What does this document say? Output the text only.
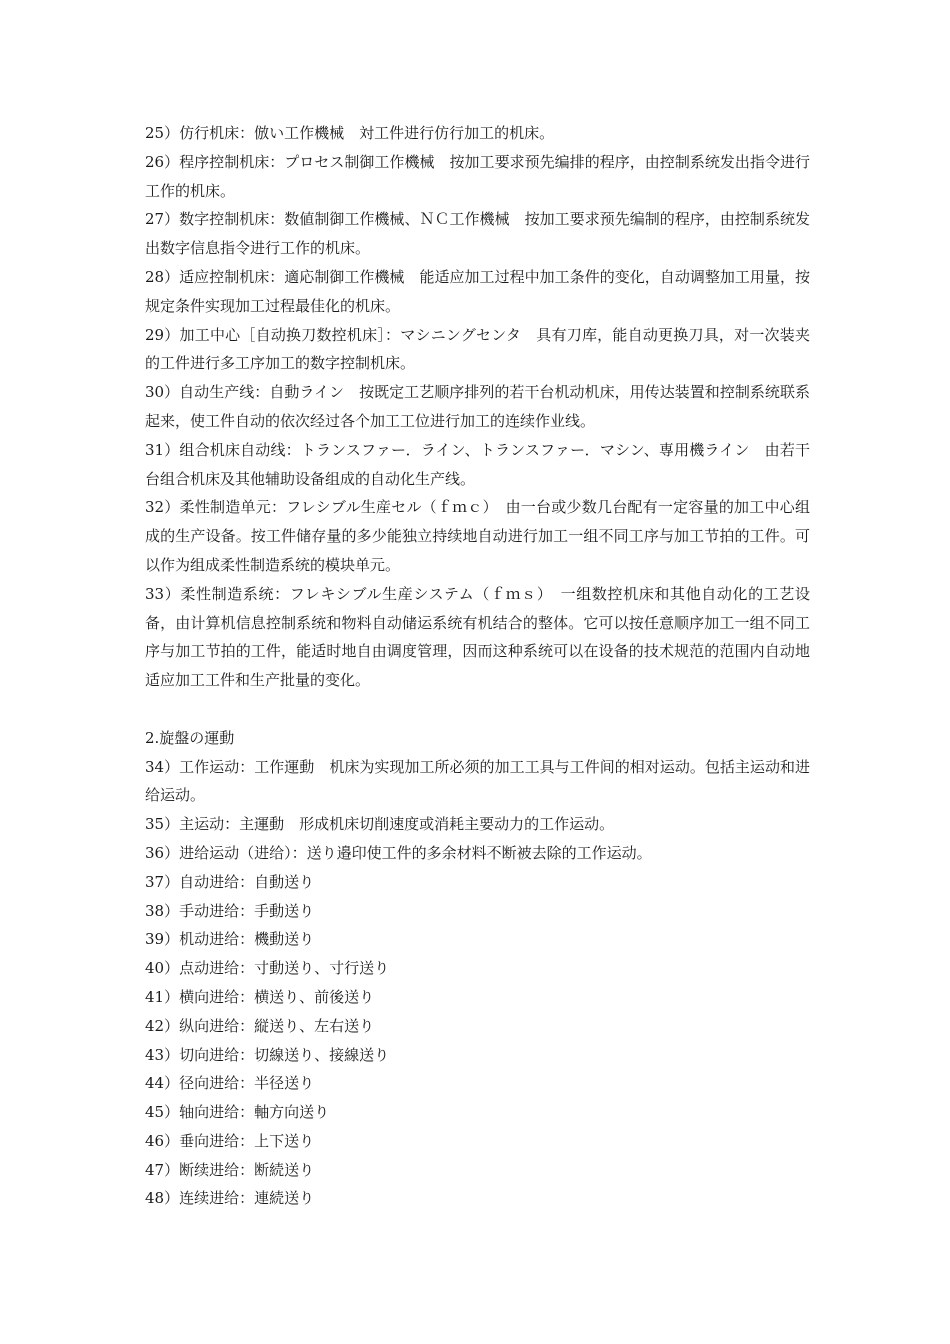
25）仿行机床：倣い工作機械　対工件进行仿行加工的机床。

26）程序控制机床：プロセス制御工作機械　按加工要求预先编排的程序，由控制系统发出指令进行工作的机床。

27）数字控制机床：数値制御工作機械、ＮＣ工作機械　按加工要求预先编制的程序，由控制系统发出数字信息指令进行工作的机床。

28）适应控制机床：適応制御工作機械　能适应加工过程中加工条件的变化，自动调整加工用量，按规定条件实现加工过程最佳化的机床。

29）加工中心［自动换刀数控机床］：マシニングセンタ　具有刀库，能自动更换刀具，对一次装夹的工件进行多工序加工的数字控制机床。

30）自动生产线：自動ライン　按既定工艺顺序排列的若干台机动机床，用传达装置和控制系统联系起来，使工件自动的依次经过各个加工工位进行加工的连续作业线。

31）组合机床自动线：トランスファー．ライン、トランスファー．マシン、専用機ライン　由若干台组合机床及其他辅助设备组成的自动化生产线。

32）柔性制造单元：フレシブル生産セル（ｆｍｃ）　由一台或少数几台配有一定容量的加工中心组成的生产设备。按工件储存量的多少能独立持续地自动进行加工一组不同工序与加工节拍的工件。可以作为组成柔性制造系统的模块单元。

33）柔性制造系统：フレキシブル生産システム（ｆｍｓ）　一组数控机床和其他自动化的工艺设备，由计算机信息控制系统和物料自动储运系统有机结合的整体。它可以按任意顺序加工一组不同工序与加工节拍的工件，能适时地自由调度管理，因而这种系统可以在设备的技术规范的范围内自动地适应加工工件和生产批量的变化。

2.旋盤の運動

34）工作运动：工作運動　机床为实现加工所必须的加工工具与工件间的相对运动。包括主运动和进给运动。

35）主运动：主運動　形成机床切削速度或消耗主要动力的工作运动。

36）进给运动（进给）：送り邉印使工件的多余材料不断被去除的工作运动。

37）自动进给：自動送り

38）手动进给：手動送り

39）机动进给：機動送り

40）点动进给：寸動送り、寸行送り

41）横向进给：横送り、前後送り

42）纵向进给：縦送り、左右送り

43）切向进给：切線送り、接線送り

44）径向进给：半径送り

45）轴向进给：軸方向送り

46）垂向进给：上下送り

47）断续进给：断続送り

48）连续进给：連続送り
